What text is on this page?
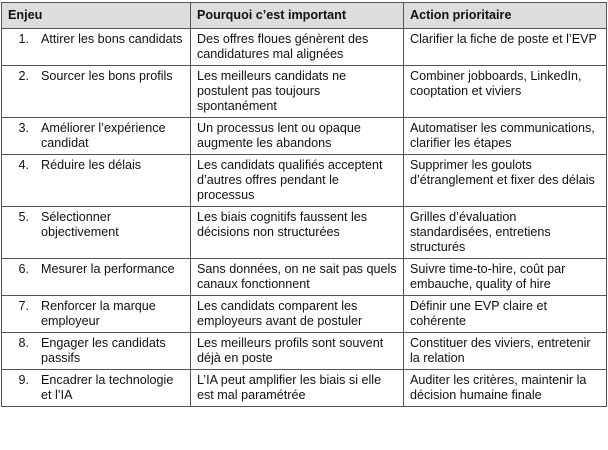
Enjeu	Pourquoi c’est important	Action prioritaire

1. Attirer les bons candidats	Des offres floues génèrent des candidatures mal alignées	Clarifier la fiche de poste et l’EVP

2. Sourcer les bons profils	Les meilleurs candidats ne postulent pas toujours spontanément	Combiner jobboards, LinkedIn, cooptation et viviers

3. Améliorer l’expérience candidat	Un processus lent ou opaque augmente les abandons	Automatiser les communications, clarifier les étapes

4. Réduire les délais	Les candidats qualifiés acceptent d’autres offres pendant le processus	Supprimer les goulots d’étranglement et fixer des délais

5. Sélectionner objectivement	Les biais cognitifs faussent les décisions non structurées	Grilles d’évaluation standardisées, entretiens structurés

6. Mesurer la performance	Sans données, on ne sait pas quels canaux fonctionnent	Suivre time-to-hire, coût par embauche, quality of hire

7. Renforcer la marque employeur	Les candidats comparent les employeurs avant de postuler	Définir une EVP claire et cohérente

8. Engager les candidats passifs	Les meilleurs profils sont souvent déjà en poste	Constituer des viviers, entretenir la relation

9. Encadrer la technologie et l’IA	L’IA peut amplifier les biais si elle est mal paramétrée	Auditer les critères, maintenir la décision humaine finale
